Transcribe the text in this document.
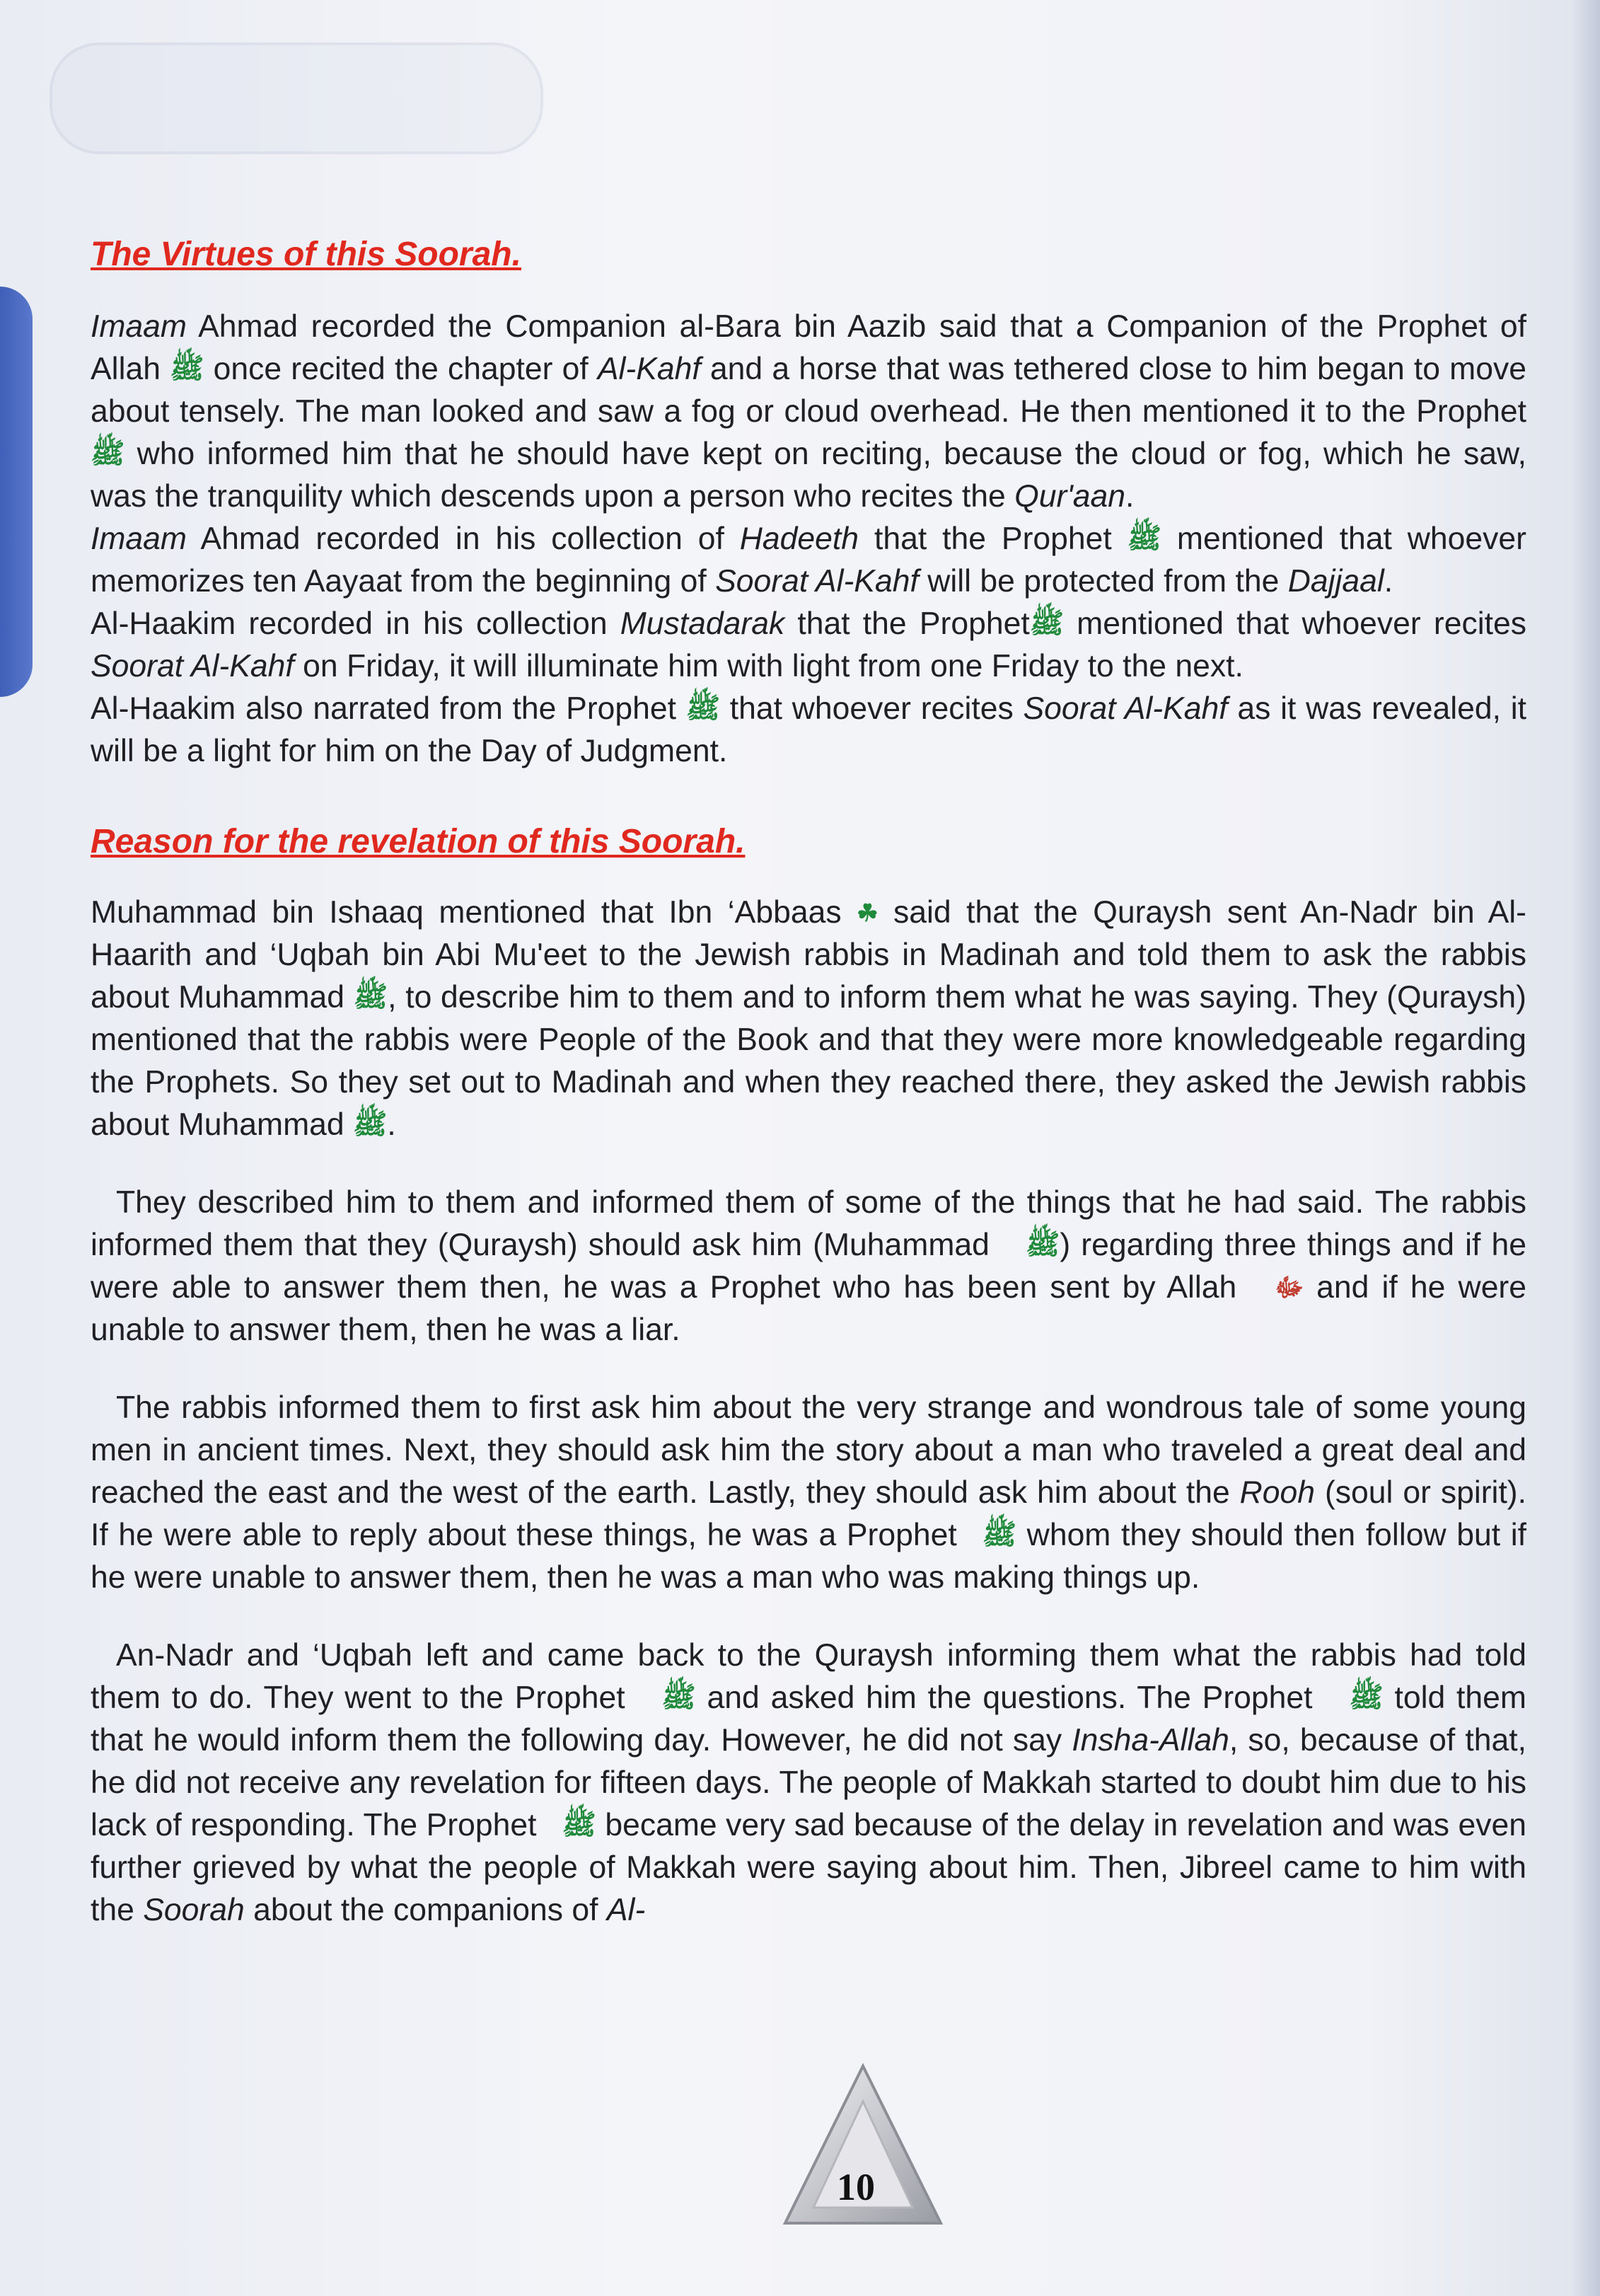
The Virtues of this Soorah.

Imaam Ahmad recorded the Companion al-Bara bin Aazib said that a Companion of the Prophet of Allah ﷺ once recited the chapter of Al-Kahf and a horse that was tethered close to him began to move about tensely. The man looked and saw a fog or cloud overhead. He then mentioned it to the Prophet ﷺ who informed him that he should have kept on reciting, because the cloud or fog, which he saw, was the tranquility which descends upon a person who recites the Qur'aan.

Imaam Ahmad recorded in his collection of Hadeeth that the Prophet ﷺ mentioned that whoever memorizes ten Aayaat from the beginning of Soorat Al-Kahf will be protected from the Dajjaal.

Al-Haakim recorded in his collection Mustadarak that the Prophetﷺ mentioned that whoever recites Soorat Al-Kahf on Friday, it will illuminate him with light from one Friday to the next.

Al-Haakim also narrated from the Prophet ﷺ that whoever recites Soorat Al-Kahf as it was revealed, it will be a light for him on the Day of Judgment.

Reason for the revelation of this Soorah.

Muhammad bin Ishaaq mentioned that Ibn ‘Abbaas ☘ said that the Quraysh sent An-Nadr bin Al-Haarith and ‘Uqbah bin Abi Mu'eet to the Jewish rabbis in Madinah and told them to ask the rabbis about Muhammad ﷺ, to describe him to them and to inform them what he was saying. They (Quraysh) mentioned that the rabbis were People of the Book and that they were more knowledgeable regarding the Prophets. So they set out to Madinah and when they reached there, they asked the Jewish rabbis about Muhammad ﷺ.

They described him to them and informed them of some of the things that he had said. The rabbis informed them that they (Quraysh) should ask him (Muhammad ﷺ) regarding three things and if he were able to answer them then, he was a Prophet who has been sent by Allah ﷻ and if he were unable to answer them, then he was a liar.

The rabbis informed them to first ask him about the very strange and wondrous tale of some young men in ancient times. Next, they should ask him the story about a man who traveled a great deal and reached the east and the west of the earth. Lastly, they should ask him about the Rooh (soul or spirit). If he were able to reply about these things, he was a Prophet ﷺ whom they should then follow but if he were unable to answer them, then he was a man who was making things up.

An-Nadr and ‘Uqbah left and came back to the Quraysh informing them what the rabbis had told them to do. They went to the Prophet ﷺ and asked him the questions. The Prophet ﷺ told them that he would inform them the following day. However, he did not say Insha-Allah, so, because of that, he did not receive any revelation for fifteen days. The people of Makkah started to doubt him due to his lack of responding. The Prophet ﷺ became very sad because of the delay in revelation and was even further grieved by what the people of Makkah were saying about him. Then, Jibreel came to him with the Soorah about the companions of Al-

10
